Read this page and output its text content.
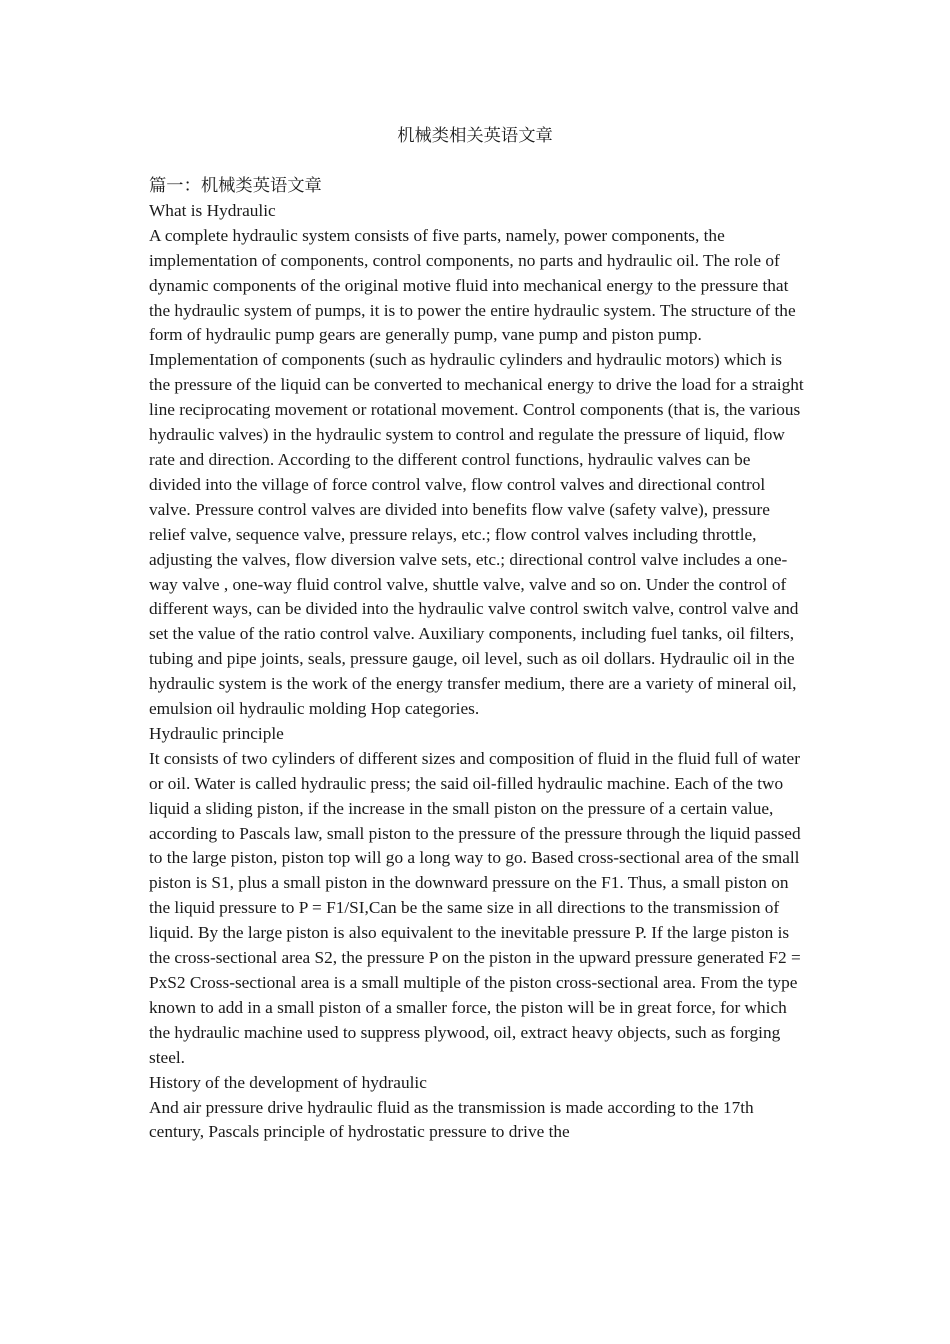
机械类相关英语文章

篇一：机械类英语文章

What is Hydraulic

A complete hydraulic system consists of five parts, namely, power components, the implementation of components, control components, no parts and hydraulic oil. The role of dynamic components of the original motive fluid into mechanical energy to the pressure that the hydraulic system of pumps, it is to power the entire hydraulic system. The structure of the form of hydraulic pump gears are generally pump, vane pump and piston pump. Implementation of components (such as hydraulic cylinders and hydraulic motors) which is the pressure of the liquid can be converted to mechanical energy to drive the load for a straight line reciprocating movement or rotational movement. Control components (that is, the various hydraulic valves) in the hydraulic system to control and regulate the pressure of liquid, flow rate and direction. According to the different control functions, hydraulic valves can be divided into the village of force control valve, flow control valves and directional control valve. Pressure control valves are divided into benefits flow valve (safety valve), pressure relief valve, sequence valve, pressure relays, etc.; flow control valves including throttle, adjusting the valves, flow diversion valve sets, etc.; directional control valve includes a one-way valve , one-way fluid control valve, shuttle valve, valve and so on. Under the control of different ways, can be divided into the hydraulic valve control switch valve, control valve and set the value of the ratio control valve. Auxiliary components, including fuel tanks, oil filters, tubing and pipe joints, seals, pressure gauge, oil level, such as oil dollars. Hydraulic oil in the hydraulic system is the work of the energy transfer medium, there are a variety of mineral oil, emulsion oil hydraulic molding Hop categories.

Hydraulic principle

It consists of two cylinders of different sizes and composition of fluid in the fluid full of water or oil. Water is called hydraulic press; the said oil-filled hydraulic machine. Each of the two liquid a sliding piston, if the increase in the small piston on the pressure of a certain value, according to Pascals law, small piston to the pressure of the pressure through the liquid passed to the large piston, piston top will go a long way to go. Based cross-sectional area of the small piston is S1, plus a small piston in the downward pressure on the F1. Thus, a small piston on the liquid pressure to P = F1/SI,Can be the same size in all directions to the transmission of liquid. By the large piston is also equivalent to the inevitable pressure P. If the large piston is the cross-sectional area S2, the pressure P on the piston in the upward pressure generated F2 = PxS2 Cross-sectional area is a small multiple of the piston cross-sectional area. From the type known to add in a small piston of a smaller force, the piston will be in great force, for which the hydraulic machine used to suppress plywood, oil, extract heavy objects, such as forging steel.

History of the development of hydraulic

And air pressure drive hydraulic fluid as the transmission is made according to the 17th century, Pascals principle of hydrostatic pressure to drive the
